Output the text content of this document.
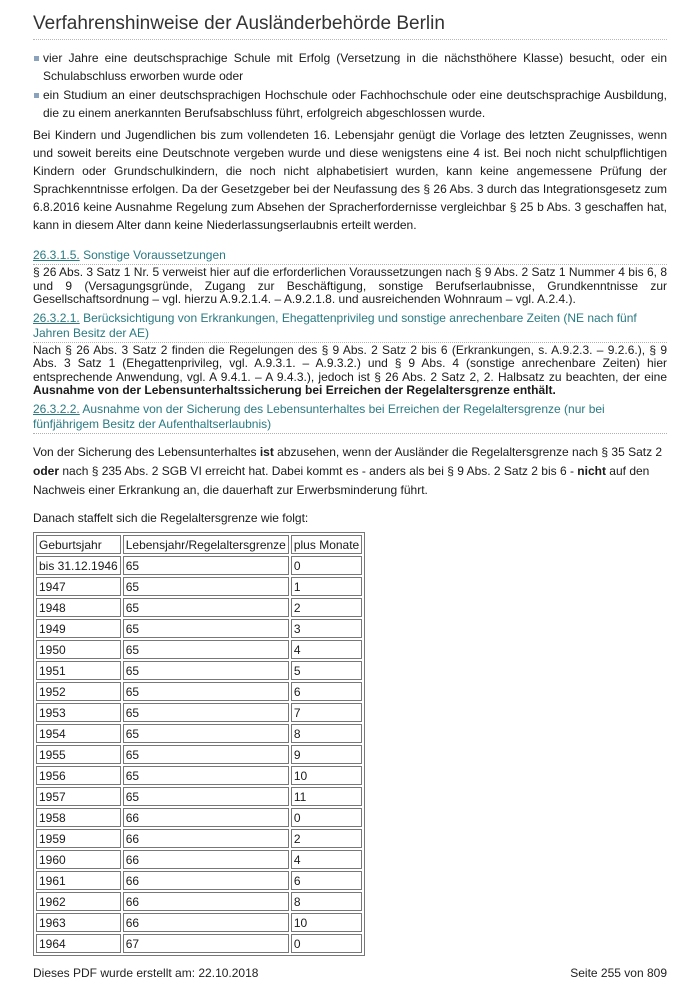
Verfahrenshinweise der Ausländerbehörde Berlin
vier Jahre eine deutschsprachige Schule mit Erfolg (Versetzung in die nächsthöhere Klasse) besucht, oder ein Schulabschluss erworben wurde oder
ein Studium an einer deutschsprachigen Hochschule oder Fachhochschule oder eine deutschsprachige Ausbildung, die zu einem anerkannten Berufsabschluss führt, erfolgreich abgeschlossen wurde.

Bei Kindern und Jugendlichen bis zum vollendeten 16. Lebensjahr genügt die Vorlage des letzten Zeugnisses, wenn und soweit bereits eine Deutschnote vergeben wurde und diese wenigstens eine 4 ist. Bei noch nicht schulpflichtigen Kindern oder Grundschulkindern, die noch nicht alphabetisiert wurden, kann keine angemessene Prüfung der Sprachkenntnisse erfolgen. Da der Gesetzgeber bei der Neufassung des § 26 Abs. 3 durch das Integrationsgesetz zum 6.8.2016 keine Ausnahme Regelung zum Absehen der Spracherfordernisse vergleichbar § 25 b Abs. 3 geschaffen hat, kann in diesem Alter dann keine Niederlassungserlaubnis erteilt werden.

26.3.1.5. Sonstige Voraussetzungen

§ 26 Abs. 3 Satz 1 Nr. 5 verweist hier auf die erforderlichen Voraussetzungen nach § 9 Abs. 2 Satz 1 Nummer 4 bis 6, 8 und 9 (Versagungsgründe, Zugang zur Beschäftigung, sonstige Berufserlaubnisse, Grundkenntnisse zur Gesellschaftsordnung – vgl. hierzu A.9.2.1.4. – A.9.2.1.8. und ausreichenden Wohnraum – vgl. A.2.4.).

26.3.2.1. Berücksichtigung von Erkrankungen, Ehegattenprivileg und sonstige anrechenbare Zeiten (NE nach fünf Jahren Besitz der AE)

Nach § 26 Abs. 3 Satz 2 finden die Regelungen des § 9 Abs. 2 Satz 2 bis 6 (Erkrankungen, s. A.9.2.3. – 9.2.6.), § 9 Abs. 3 Satz 1 (Ehegattenprivileg, vgl. A.9.3.1. – A.9.3.2.) und § 9 Abs. 4 (sonstige anrechenbare Zeiten) hier entsprechende Anwendung, vgl. A 9.4.1. – A 9.4.3.), jedoch ist § 26 Abs. 2 Satz 2, 2. Halbsatz zu beachten, der eine Ausnahme von der Lebensunterhaltssicherung bei Erreichen der Regelaltersgrenze enthält.

26.3.2.2. Ausnahme von der Sicherung des Lebensunterhaltes bei Erreichen der Regelaltersgrenze (nur bei fünfjährigem Besitz der Aufenthaltserlaubnis)

Von der Sicherung des Lebensunterhaltes ist abzusehen, wenn der Ausländer die Regelaltersgrenze nach § 35 Satz 2 oder nach § 235 Abs. 2 SGB VI erreicht hat. Dabei kommt es - anders als bei § 9 Abs. 2 Satz 2 bis 6 - nicht auf den Nachweis einer Erkrankung an, die dauerhaft zur Erwerbsminderung führt.

Danach staffelt sich die Regelaltersgrenze wie folgt:

Geburtsjahr	Lebensjahr/Regelaltersgrenze	plus Monate
bis 31.12.1946	65	0
1947	65	1
1948	65	2
1949	65	3
1950	65	4
1951	65	5
1952	65	6
1953	65	7
1954	65	8
1955	65	9
1956	65	10
1957	65	11
1958	66	0
1959	66	2
1960	66	4
1961	66	6
1962	66	8
1963	66	10
1964	67	0
Dieses PDF wurde erstellt am: 22.10.2018	Seite 255 von 809
